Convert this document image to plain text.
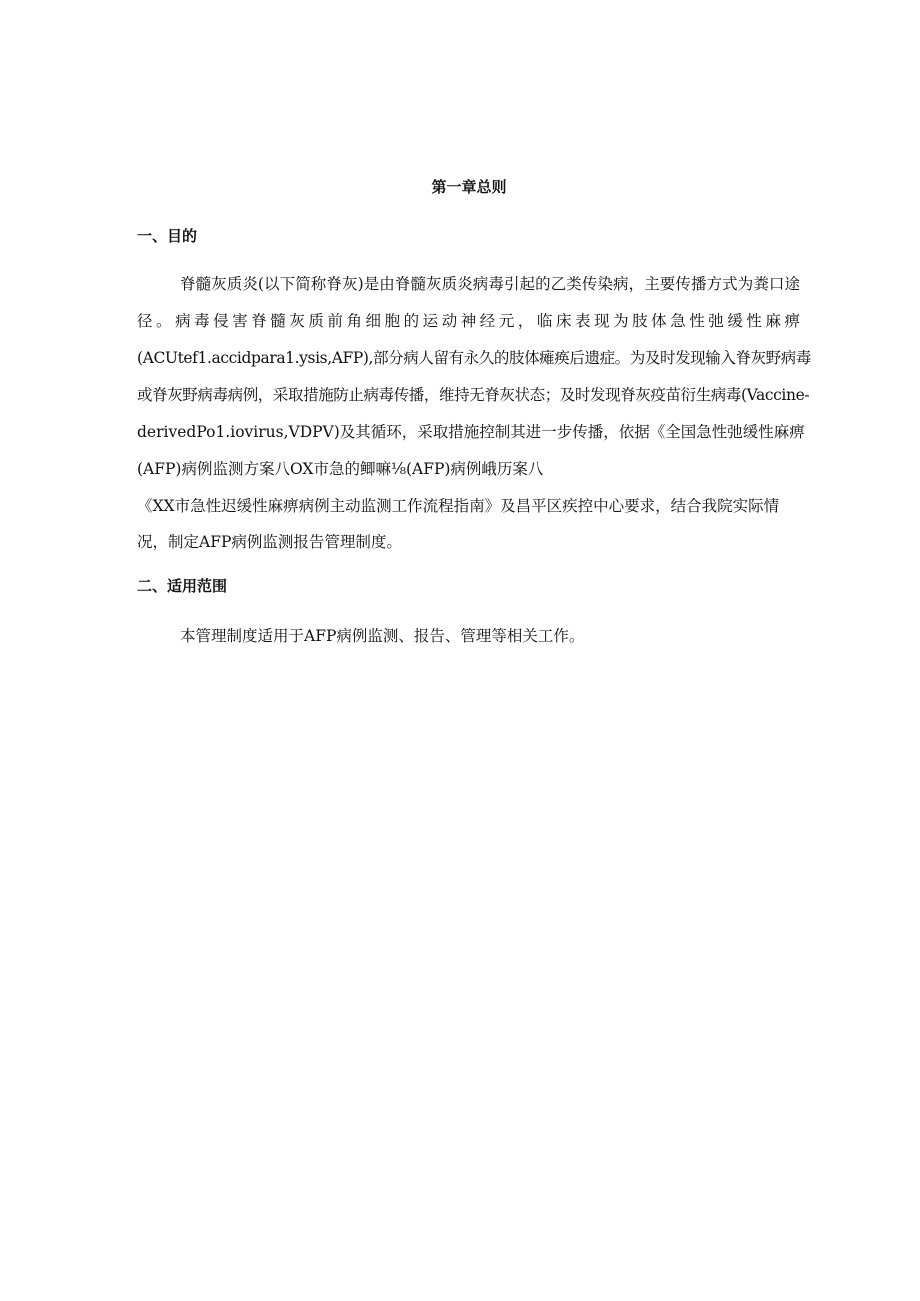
第一章总则
一、目的

脊髓灰质炎(以下简称脊灰)是由脊髓灰质炎病毒引起的乙类传染病，主要传播方式为粪口途

径。病毒侵害脊髓灰质前角细胞的运动神经元，临床表现为肢体急性弛缓性麻痹

(ACUtef1.accidpara1.ysis,AFP),部分病人留有永久的肢体瘫痪后遗症。为及时发现输入脊灰野病毒

或脊灰野病毒病例，采取措施防止病毒传播，维持无脊灰状态；及时发现脊灰疫苗衍生病毒(Vaccine-

derivedPo1.iovirus,VDPV)及其循环，采取措施控制其进一步传播，依据《全国急性弛缓性麻痹

(AFP)病例监测方案八OX市急的鲫嘛⅛(AFP)病例峨历案八

《XX市急性迟缓性麻痹病例主动监测工作流程指南》及昌平区疾控中心要求，结合我院实际情

况，制定AFP病例监测报告管理制度。

二、适用范围

本管理制度适用于AFP病例监测、报告、管理等相关工作。
